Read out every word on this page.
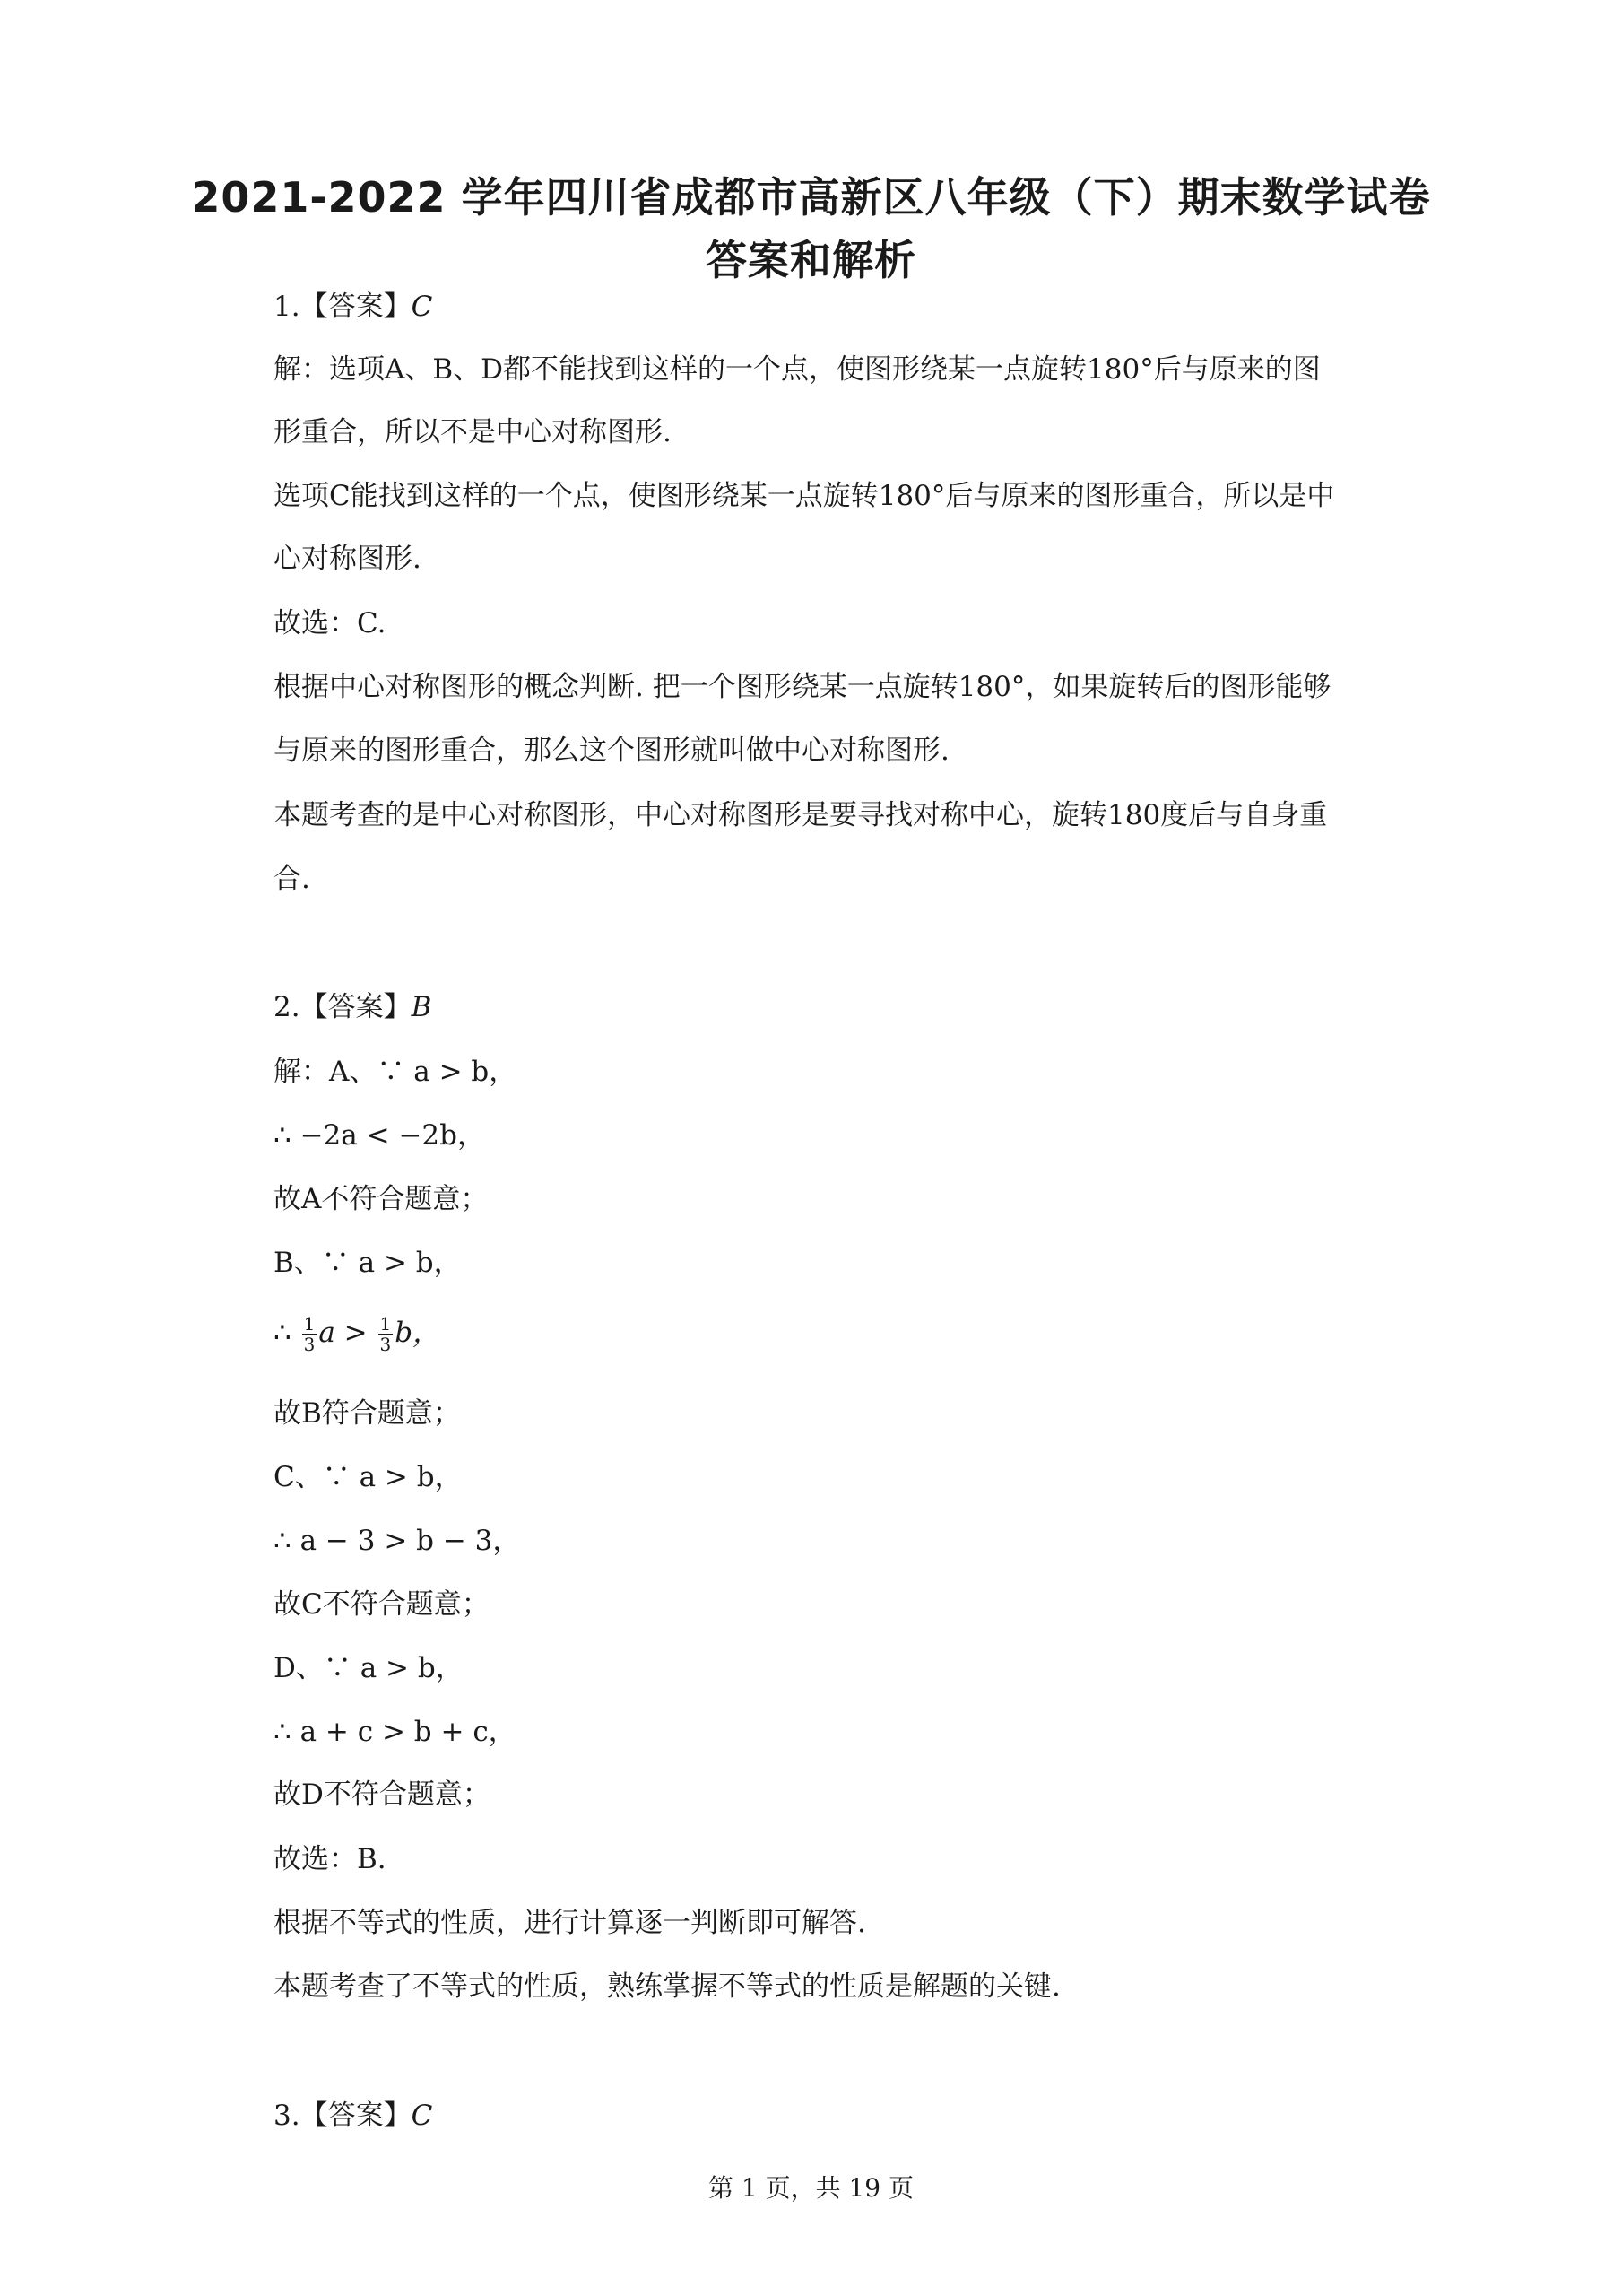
2021-2022 学年四川省成都市高新区八年级（下）期末数学试卷
答案和解析
1.【答案】C
解：选项A、B、D都不能找到这样的一个点，使图形绕某一点旋转180°后与原来的图
形重合，所以不是中心对称图形.
选项C能找到这样的一个点，使图形绕某一点旋转180°后与原来的图形重合，所以是中
心对称图形.
故选：C.
根据中心对称图形的概念判断. 把一个图形绕某一点旋转180°，如果旋转后的图形能够
与原来的图形重合，那么这个图形就叫做中心对称图形.
本题考查的是中心对称图形，中心对称图形是要寻找对称中心，旋转180度后与自身重
合.
2.【答案】B
解：A、∵ a > b，
∴ −2a < −2b，
故A不符合题意；
B、∵ a > b，
∴ $\frac{1}{3}$ $a > \frac{1}{3}$ b，
故B符合题意；
C、∵ a > b，
∴ a − 3 > b − 3，
故C不符合题意；
D、∵ a > b，
∴ a + c > b + c，
故D不符合题意；
故选：B.
根据不等式的性质，进行计算逐一判断即可解答.
本题考查了不等式的性质，熟练掌握不等式的性质是解题的关键.
3.【答案】C
第 1 页，共 19 页
